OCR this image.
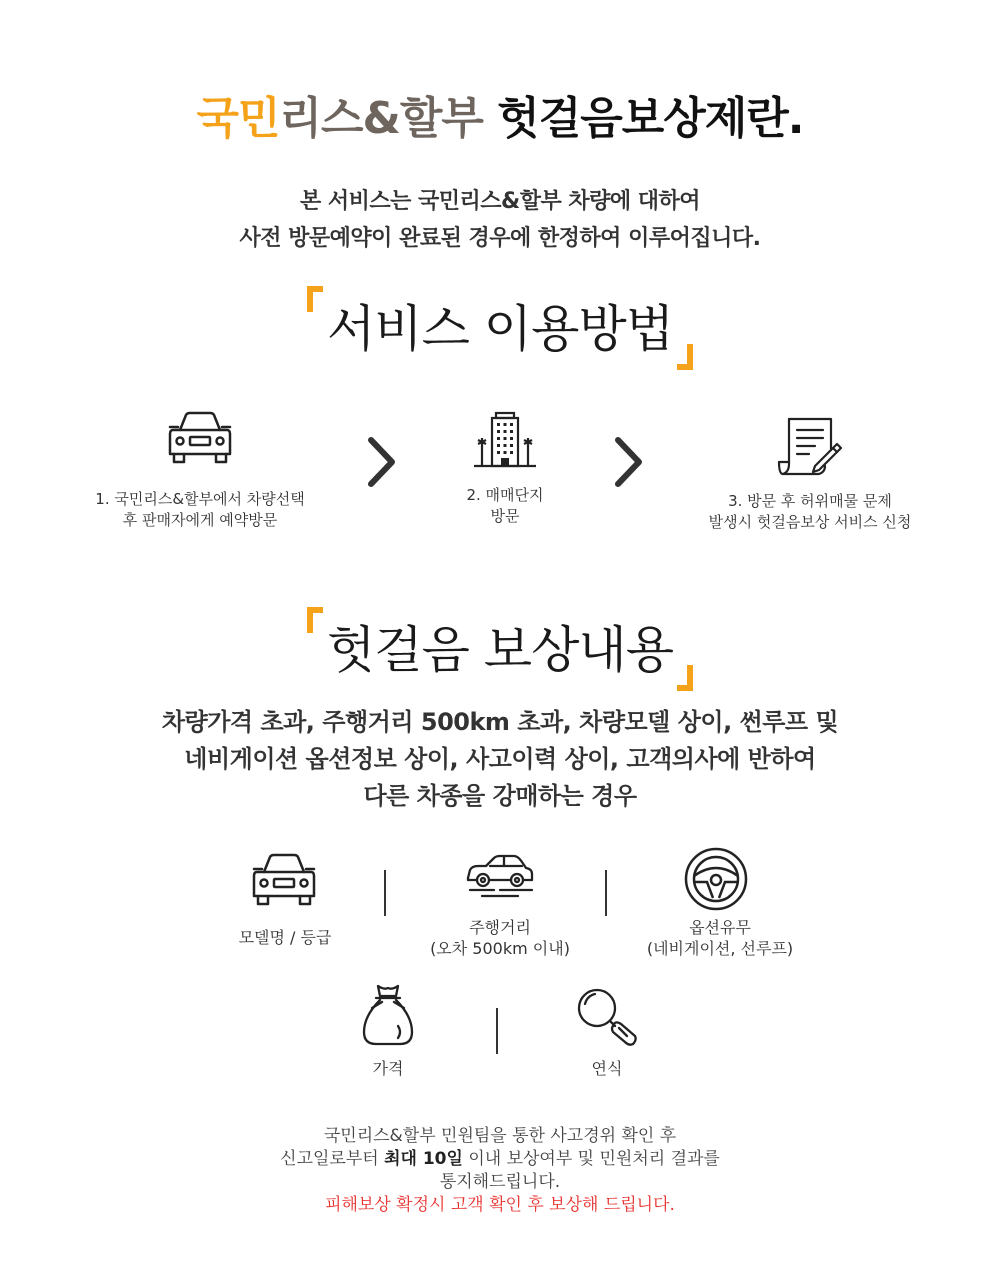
국민리스&할부 헛걸음보상제란.
본 서비스는 국민리스&할부 차량에 대하여
사전 방문예약이 완료된 경우에 한정하여 이루어집니다.
서비스 이용방법
1. 국민리스&할부에서 차량선택
후 판매자에게 예약방문
2. 매매단지
방문
3. 방문 후 허위매물 문제
발생시 헛걸음보상 서비스 신청
헛걸음 보상내용
차량가격 초과, 주행거리 500km 초과, 차량모델 상이, 썬루프 및
네비게이션 옵션정보 상이, 사고이력 상이, 고객의사에 반하여
다른 차종을 강매하는 경우
모델명 / 등급
주행거리
(오차 500km 이내)
옵션유무
(네비게이션, 선루프)
가격	연식
국민리스&할부 민원팀을 통한 사고경위 확인 후
신고일로부터 최대 10일 이내 보상여부 및 민원처리 결과를
통지해드립니다.
피해보상 확정시 고객 확인 후 보상해 드립니다.
